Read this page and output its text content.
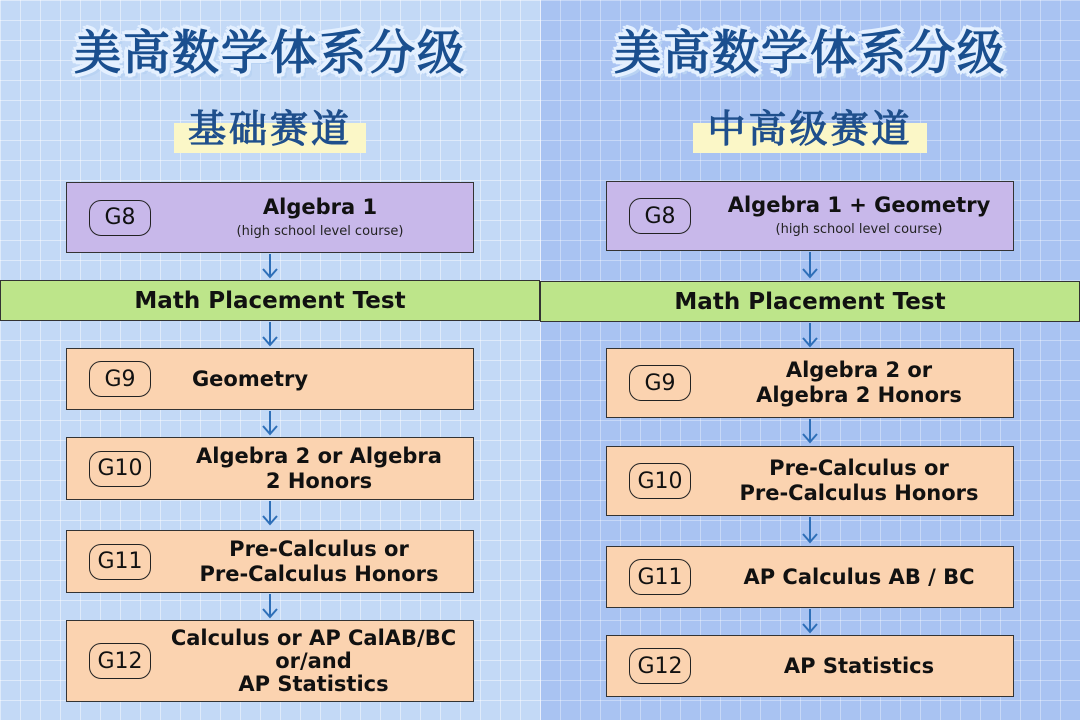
美高数学体系分级
基础赛道
G8	Algebra 1
(high school level course)
Math Placement Test
G9	Geometry
G10
Algebra 2 or Algebra
2 Honors
G11
Pre-Calculus or
Pre-Calculus Honors
G12
Calculus or AP CalAB/BC
or/and
AP Statistics
美高数学体系分级
中高级赛道
G8	Algebra 1 + Geometry
(high school level course)
Math Placement Test
G9
Algebra 2 or
Algebra 2 Honors
G10
Pre-Calculus or
Pre-Calculus Honors
G11	AP Calculus AB / BC
G12	AP Statistics
